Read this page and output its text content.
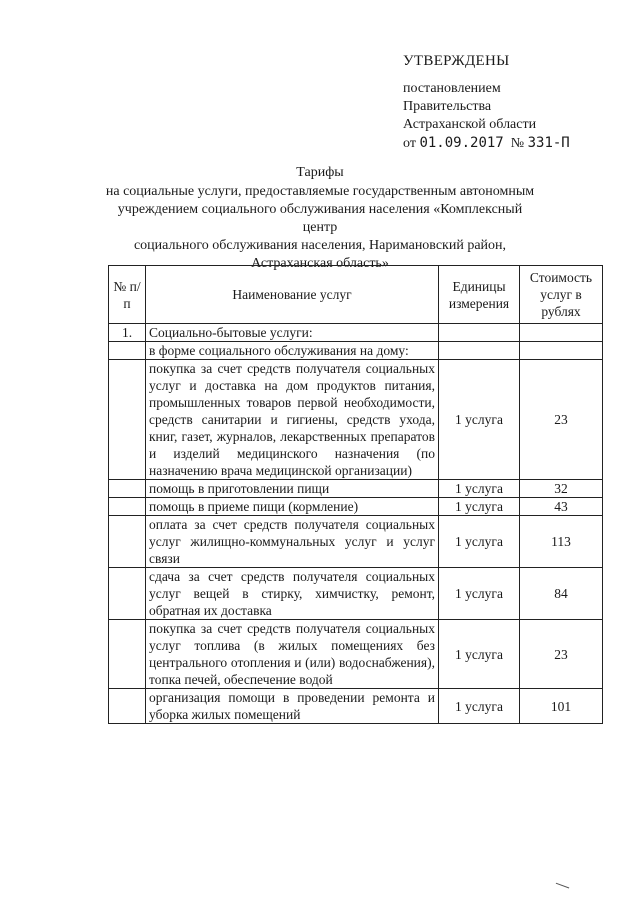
УТВЕРЖДЕНЫ
постановлением
Правительства
Астраханской области
от 01.09.2017 № 331-П
Тарифы
на социальные услуги, предоставляемые государственным автономным
учреждением социального обслуживания населения «Комплексный центр
социального обслуживания населения, Наримановский район,
Астраханская область»
№ п/п	Наименование услуг	Единицы измерения	Стоимость услуг в рублях
1.	Социально-бытовые услуги:		
	в форме социального обслуживания на дому:		
	покупка за счет средств получателя социальных услуг и доставка на дом продуктов питания, промышленных товаров первой необходимости, средств санитарии и гигиены, средств ухода, книг, газет, журналов, лекарственных препаратов и изделий медицинского назначения (по назначению врача медицинской организации)	1 услуга	23
	помощь в приготовлении пищи	1 услуга	32
	помощь в приеме пищи (кормление)	1 услуга	43
	оплата за счет средств получателя социальных услуг жилищно-коммунальных услуг и услуг связи	1 услуга	113
	сдача за счет средств получателя социальных услуг вещей в стирку, химчистку, ремонт, обратная их доставка	1 услуга	84
	покупка за счет средств получателя социальных услуг топлива (в жилых помещениях без центрального отопления и (или) водоснабжения), топка печей, обеспечение водой	1 услуга	23
	организация помощи в проведении ремонта и уборка жилых помещений	1 услуга	101
